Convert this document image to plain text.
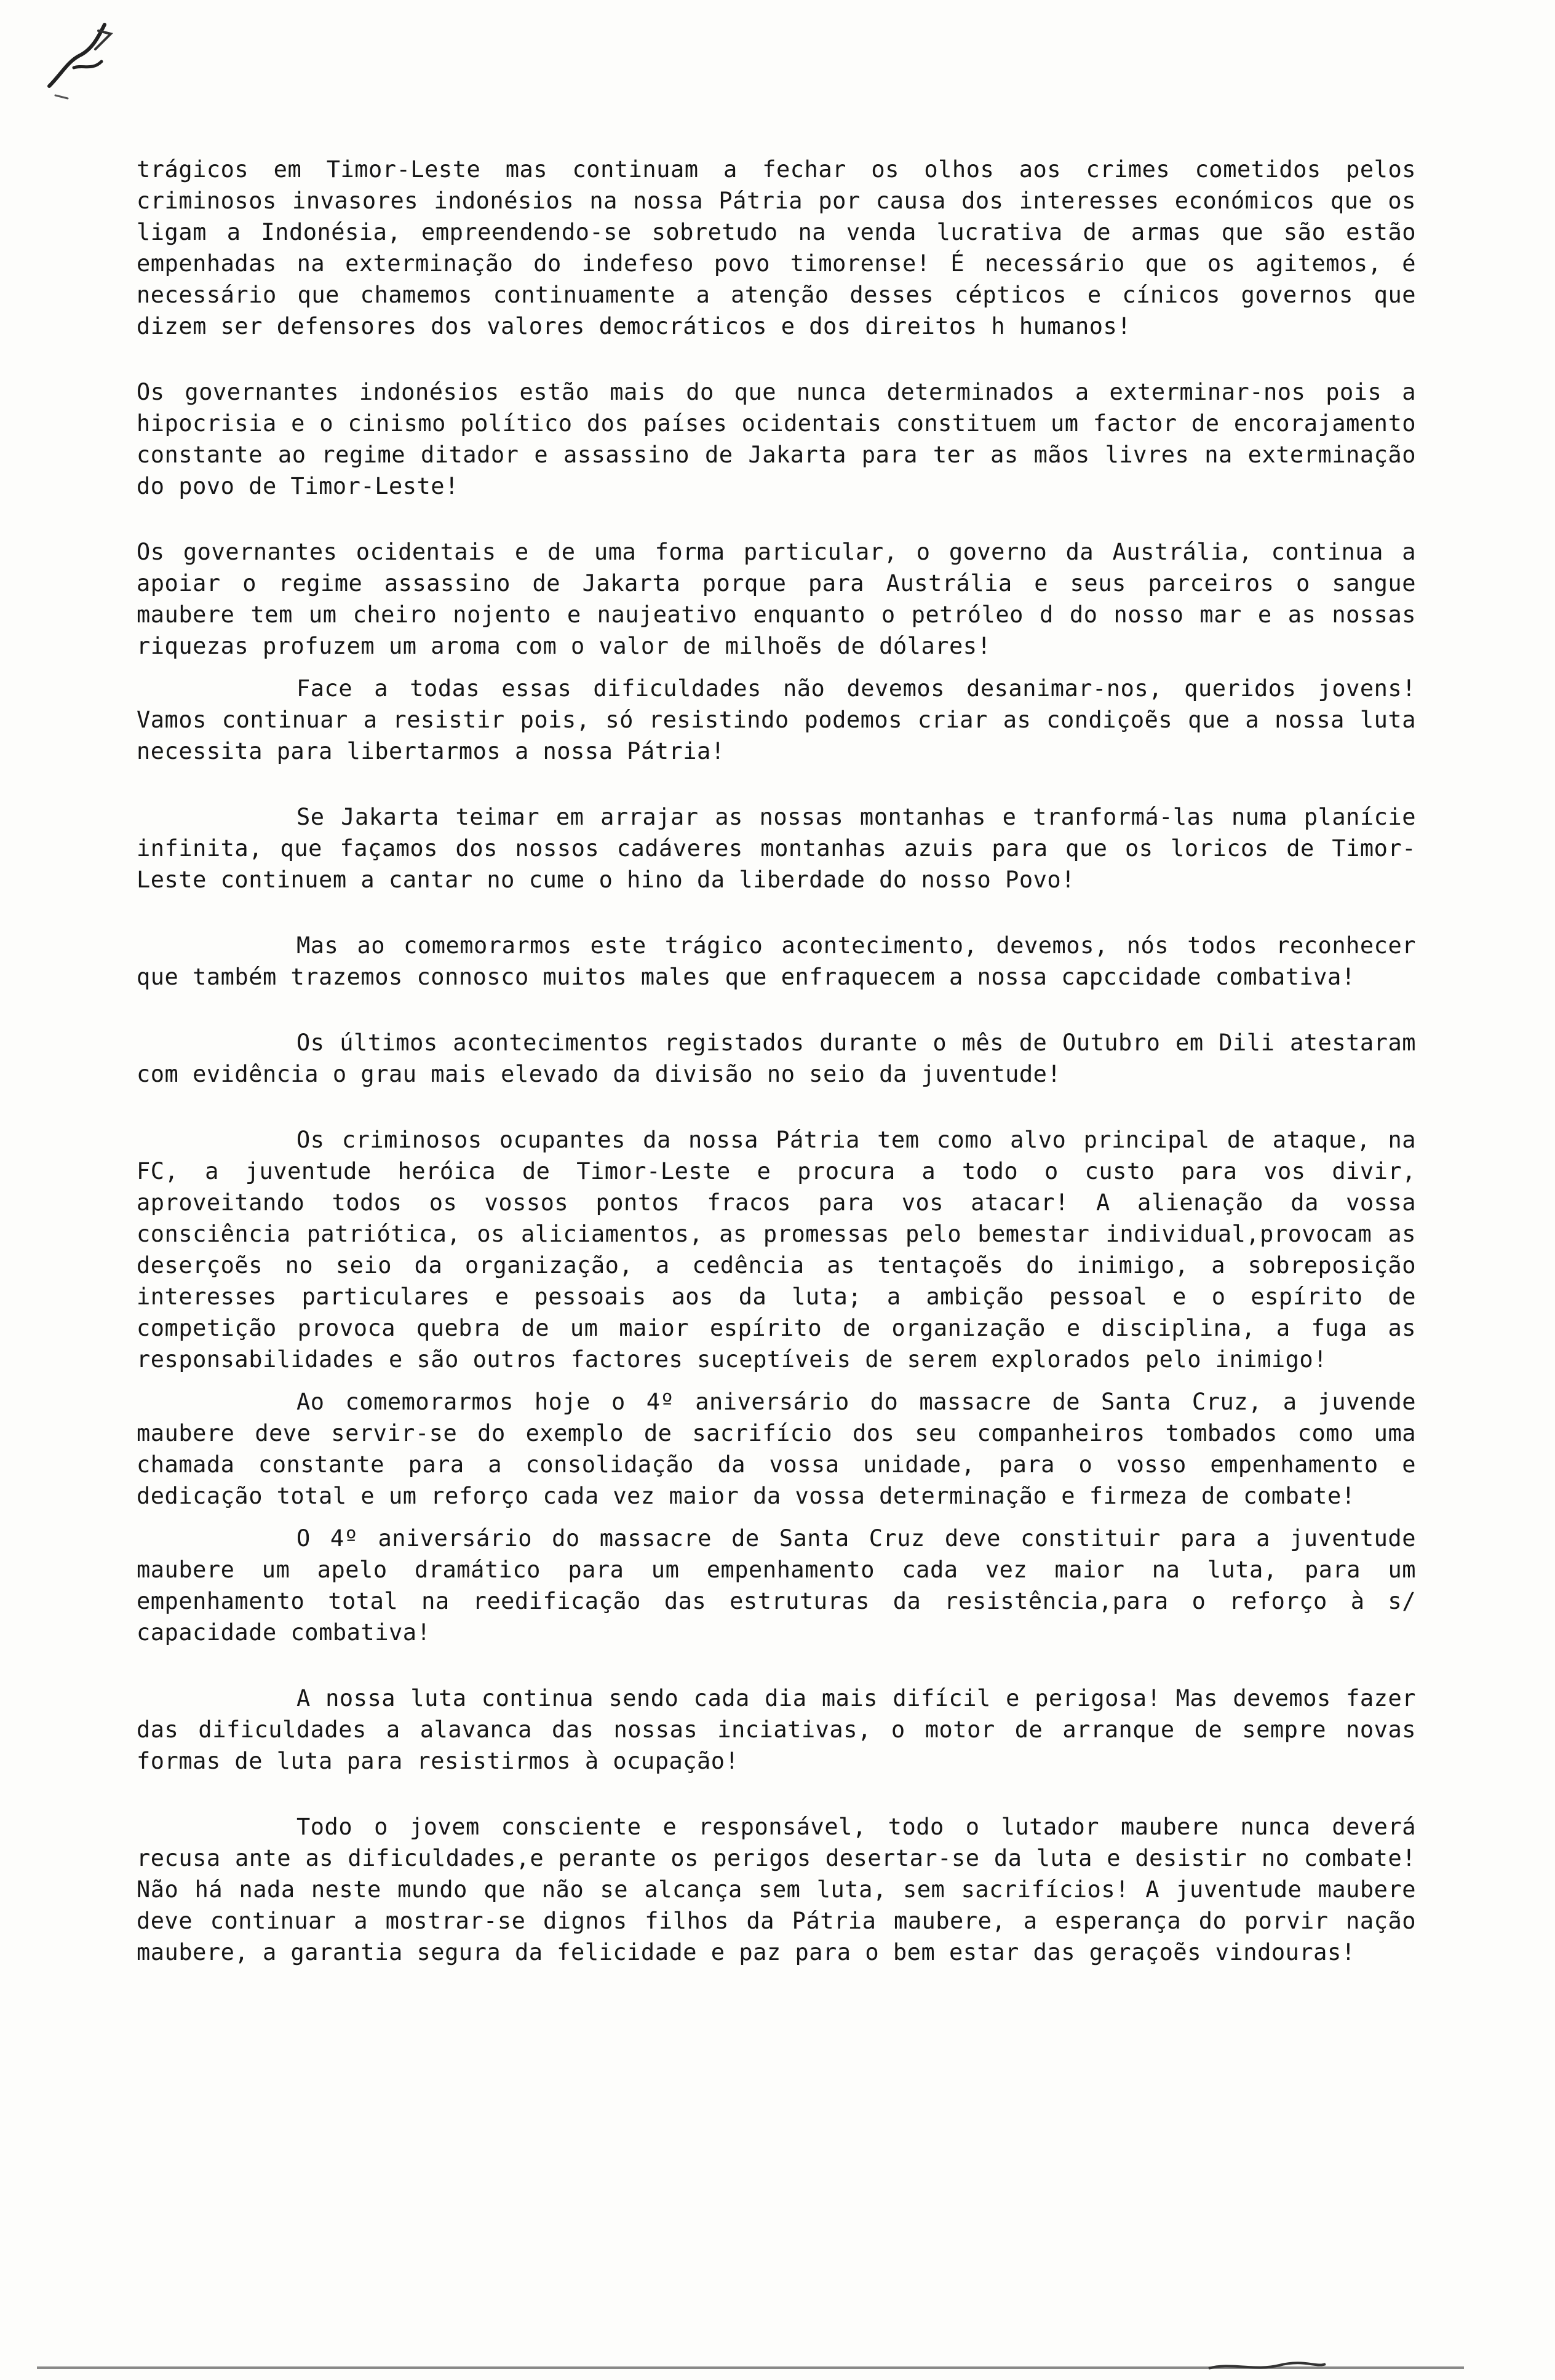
trágicos em Timor-Leste mas continuam a fechar os olhos aos crimes cometidos pelos criminosos invasores indonésios na nossa Pátria por causa dos interesses económicos que os ligam a Indonésia, empreendendo-se sobretudo na venda lucrativa de armas que são estão empenhadas na exterminação do indefeso povo timorense! É necessário que os agitemos, é necessário que chamemos continuamente a atenção desses cépticos e cínicos governos que dizem ser defensores dos valores democráticos e dos direitos h humanos!

Os governantes indonésios estão mais do que nunca determinados a exterminar-nos pois a hipocrisia e o cinismo político dos países ocidentais constituem um factor de encorajamento constante ao regime ditador e assassino de Jakarta para ter as mãos livres na exterminação do povo de Timor-Leste!

Os governantes ocidentais e de uma forma particular, o governo da Austrália, continua a apoiar o regime assassino de Jakarta porque para Austrália e seus parceiros o sangue maubere tem um cheiro nojento e naujeativo enquanto o petróleo d do nosso mar e as nossas riquezas profuzem um aroma com o valor de milhoẽs de dólares!

Face a todas essas dificuldades não devemos desanimar-nos, queridos jovens! Vamos continuar a resistir pois, só resistindo podemos criar as condiçoẽs que a nossa luta necessita para libertarmos a nossa Pátria!

Se Jakarta teimar em arrajar as nossas montanhas e tranformá-las numa planície infinita, que façamos dos nossos cadáveres montanhas azuis para que os loricos de Timor-Leste continuem a cantar no cume o hino da liberdade do nosso Povo!

Mas ao comemorarmos este trágico acontecimento, devemos, nós todos reconhecer que também trazemos connosco muitos males que enfraquecem a nossa capccidade combativa!

Os últimos acontecimentos registados durante o mês de Outubro em Dili atestaram com evidência o grau mais elevado da divisão no seio da juventude!

Os criminosos ocupantes da nossa Pátria tem como alvo principal de ataque, na FC, a juventude heróica de Timor-Leste e procura a todo o custo para vos divir, aproveitando todos os vossos pontos fracos para vos atacar! A alienação da vossa consciência patriótica, os aliciamentos, as promessas pelo bemestar individual,provocam as deserçoẽs no seio da organização, a cedência as tentaçoẽs do inimigo, a sobreposição interesses particulares e pessoais aos da luta; a ambição pessoal e o espírito de competição provoca quebra de um maior espírito de organização e disciplina, a fuga as responsabilidades e são outros factores suceptíveis de serem explorados pelo inimigo!

Ao comemorarmos hoje o 4º aniversário do massacre de Santa Cruz, a juvende maubere deve servir-se do exemplo de sacrifício dos seu companheiros tombados como uma chamada constante para a consolidação da vossa unidade, para o vosso empenhamento e dedicação total e um reforço cada vez maior da vossa determinação e firmeza de combate!

O 4º aniversário do massacre de Santa Cruz deve constituir para a juventude maubere um apelo dramático para um empenhamento cada vez maior na luta, para um empenhamento total na reedificação das estruturas da resistência,para o reforço à s/ capacidade combativa!

A nossa luta continua sendo cada dia mais difícil e perigosa! Mas devemos fazer das dificuldades a alavanca das nossas inciativas, o motor de arranque de sempre novas formas de luta para resistirmos à ocupação!

Todo o jovem consciente e responsável, todo o lutador maubere nunca deverá recusa ante as dificuldades,e perante os perigos desertar-se da luta e desistir no combate! Não há nada neste mundo que não se alcança sem luta, sem sacrifícios! A juventude maubere deve continuar a mostrar-se dignos filhos da Pátria maubere, a esperança do porvir nação maubere, a garantia segura da felicidade e paz para o bem estar das geraçoẽs vindouras!
